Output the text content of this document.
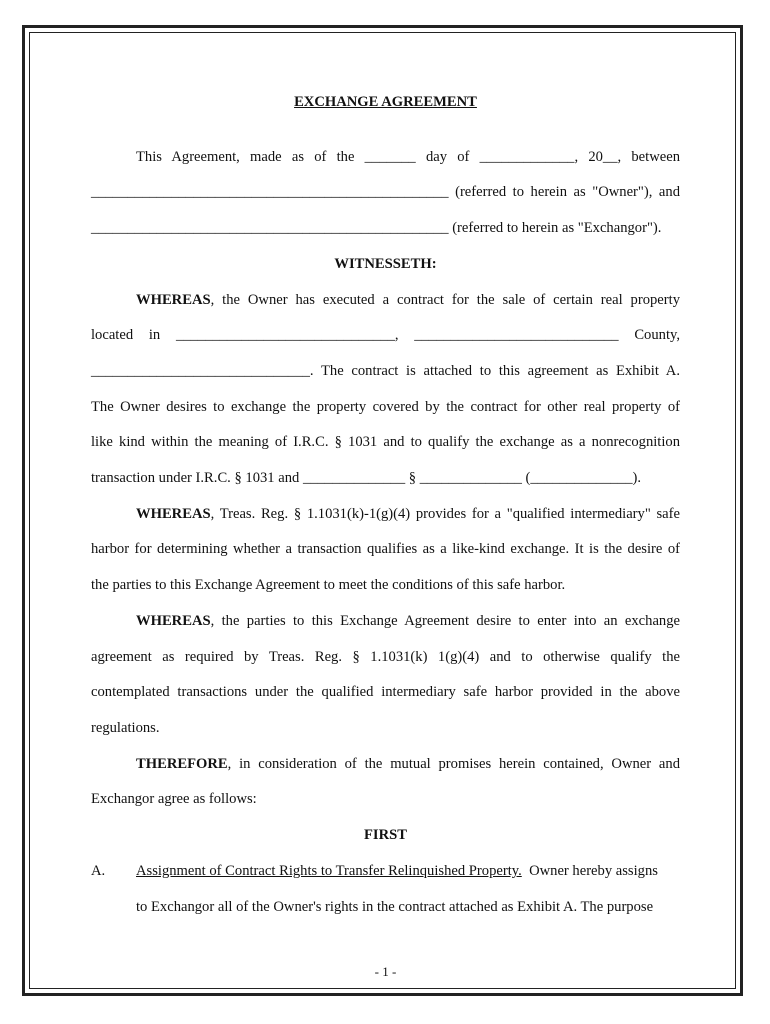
EXCHANGE AGREEMENT
This Agreement, made as of the _______ day of _____________, 20__, between
_________________________________________________ (referred to herein as "Owner"), and
_________________________________________________ (referred to herein as "Exchangor").
WITNESSETH:
WHEREAS, the Owner has executed a contract for the sale of certain real property
located in ______________________________, ____________________________ County,
______________________________. The contract is attached to this agreement as Exhibit A.
The Owner desires to exchange the property covered by the contract for other real property of
like kind within the meaning of I.R.C. § 1031 and to qualify the exchange as a nonrecognition
transaction under I.R.C. § 1031 and ______________ § ______________ (______________).
WHEREAS, Treas. Reg. § 1.1031(k)-1(g)(4) provides for a "qualified intermediary" safe
harbor for determining whether a transaction qualifies as a like-kind exchange. It is the desire of
the parties to this Exchange Agreement to meet the conditions of this safe harbor.
WHEREAS, the parties to this Exchange Agreement desire to enter into an exchange
agreement as required by Treas. Reg. § 1.1031(k) 1(g)(4) and to otherwise qualify the
contemplated transactions under the qualified intermediary safe harbor provided in the above
regulations.
THEREFORE, in consideration of the mutual promises herein contained, Owner and
Exchangor agree as follows:
FIRST
A. Assignment of Contract Rights to Transfer Relinquished Property.  Owner hereby assigns
to Exchangor all of the Owner's rights in the contract attached as Exhibit A. The purpose
- 1 -
